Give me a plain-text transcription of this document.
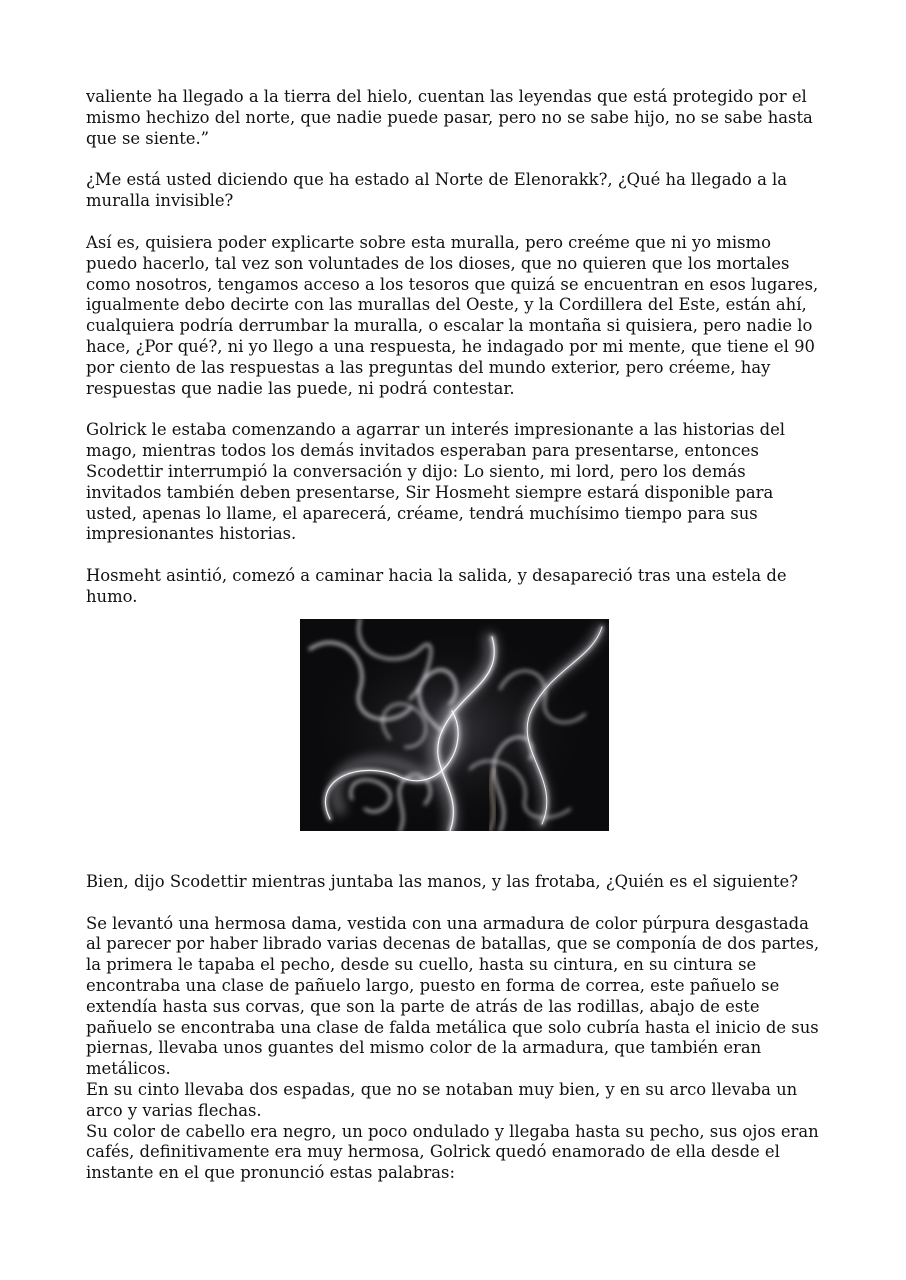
valiente ha llegado a la tierra del hielo, cuentan las leyendas que está protegido por el mismo hechizo del norte, que nadie puede pasar, pero no se sabe hijo, no se sabe hasta que se siente.”

¿Me está usted diciendo que ha estado al Norte de Elenorakk?, ¿Qué ha llegado a la muralla invisible?

Así es, quisiera poder explicarte sobre esta muralla, pero creéme que ni yo mismo puedo hacerlo, tal vez son voluntades de los dioses, que no quieren que los mortales como nosotros, tengamos acceso a los tesoros que quizá se encuentran en esos lugares, igualmente debo decirte con las murallas del Oeste, y la Cordillera del Este, están ahí, cualquiera podría derrumbar la muralla, o escalar la montaña si quisiera, pero nadie lo hace, ¿Por qué?, ni yo llego a una respuesta, he indagado por mi mente, que tiene el 90 por ciento de las respuestas a las preguntas del mundo exterior, pero créeme, hay respuestas que nadie las puede, ni podrá contestar.

Golrick le estaba comenzando a agarrar un interés impresionante a las historias del mago, mientras todos los demás invitados esperaban para presentarse, entonces Scodettir interrumpió la conversación y dijo: Lo siento, mi lord, pero los demás invitados también deben presentarse, Sir Hosmeht siempre estará disponible para usted, apenas lo llame, el aparecerá, créame, tendrá muchísimo tiempo para sus impresionantes historias.

Hosmeht asintió, comezó a caminar hacia la salida, y desapareció tras una estela de humo.

Bien, dijo Scodettir mientras juntaba las manos, y las frotaba, ¿Quién es el siguiente?

Se levantó una hermosa dama, vestida con una armadura de color púrpura desgastada al parecer por haber librado varias decenas de batallas, que se componía de dos partes, la primera le tapaba el pecho, desde su cuello, hasta su cintura, en su cintura se encontraba una clase de pañuelo largo, puesto en forma de correa, este pañuelo se extendía hasta sus corvas, que son la parte de atrás de las rodillas, abajo de este pañuelo se encontraba una clase de falda metálica que solo cubría hasta el inicio de sus piernas, llevaba unos guantes del mismo color de la armadura, que también eran metálicos.

En su cinto llevaba dos espadas, que no se notaban muy bien, y en su arco llevaba un arco y varias flechas.

Su color de cabello era negro, un poco ondulado y llegaba hasta su pecho, sus ojos eran cafés, definitivamente era muy hermosa, Golrick quedó enamorado de ella desde el instante en el que pronunció estas palabras:
